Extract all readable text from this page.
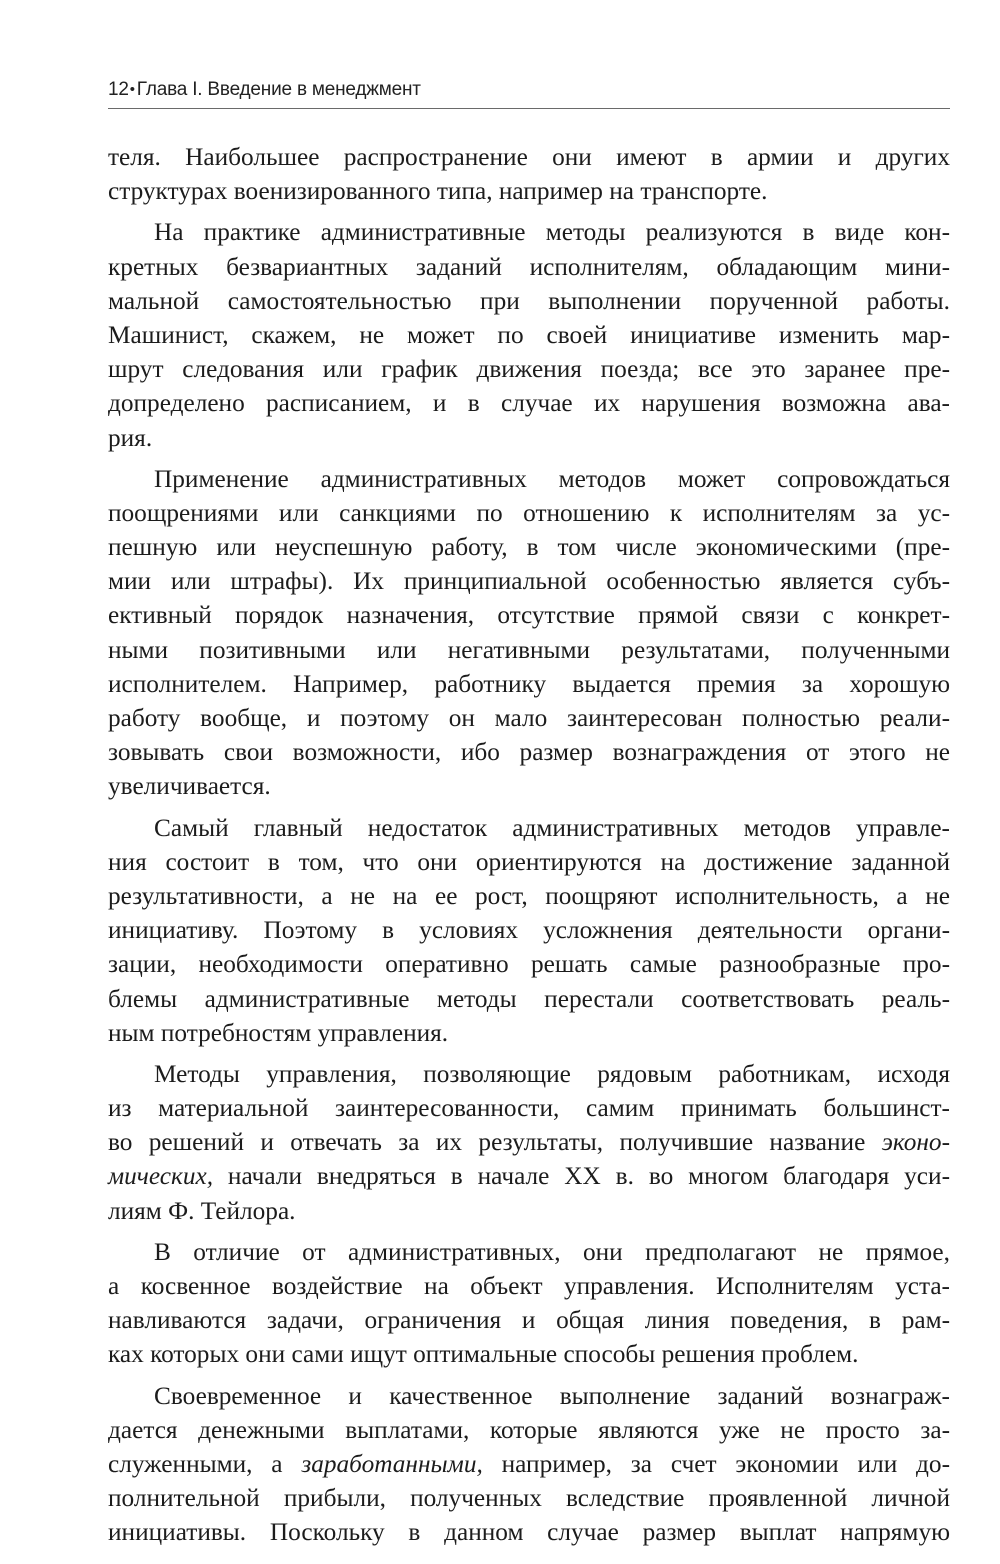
12• Глава I. Введение в менеджмент
теля. Наибольшее распространение они имеют в армии и других
структурах военизированного типа, например на транспорте.
На практике административные методы реализуются в виде кон-
кретных безвариантных заданий исполнителям, обладающим мини-
мальной самостоятельностью при выполнении порученной работы.
Машинист, скажем, не может по своей инициативе изменить мар-
шрут следования или график движения поезда; все это заранее пре-
допределено расписанием, и в случае их нарушения возможна ава-
рия.
Применение административных методов может сопровождаться
поощрениями или санкциями по отношению к исполнителям за ус-
пешную или неуспешную работу, в том числе экономическими (пре-
мии или штрафы). Их принципиальной особенностью является субъ-
ективный порядок назначения, отсутствие прямой связи с конкрет-
ными позитивными или негативными результатами, полученными
исполнителем. Например, работнику выдается премия за хорошую
работу вообще, и поэтому он мало заинтересован полностью реали-
зовывать свои возможности, ибо размер вознаграждения от этого не
увеличивается.
Самый главный недостаток административных методов управле-
ния состоит в том, что они ориентируются на достижение заданной
результативности, а не на ее рост, поощряют исполнительность, а не
инициативу. Поэтому в условиях усложнения деятельности органи-
зации, необходимости оперативно решать самые разнообразные про-
блемы административные методы перестали соответствовать реаль-
ным потребностям управления.
Методы управления, позволяющие рядовым работникам, исходя
из материальной заинтересованности, самим принимать большинст-
во решений и отвечать за их результаты, получившие название эконо-
мических, начали внедряться в начале XX в. во многом благодаря уси-
лиям Ф. Тейлора.
В отличие от административных, они предполагают не прямое,
а косвенное воздействие на объект управления. Исполнителям уста-
навливаются задачи, ограничения и общая линия поведения, в рам-
ках которых они сами ищут оптимальные способы решения проблем.
Своевременное и качественное выполнение заданий вознаграж-
дается денежными выплатами, которые являются уже не просто за-
служенными, а заработанными, например, за счет экономии или до-
полнительной прибыли, полученных вследствие проявленной личной
инициативы. Поскольку в данном случае размер выплат напрямую
